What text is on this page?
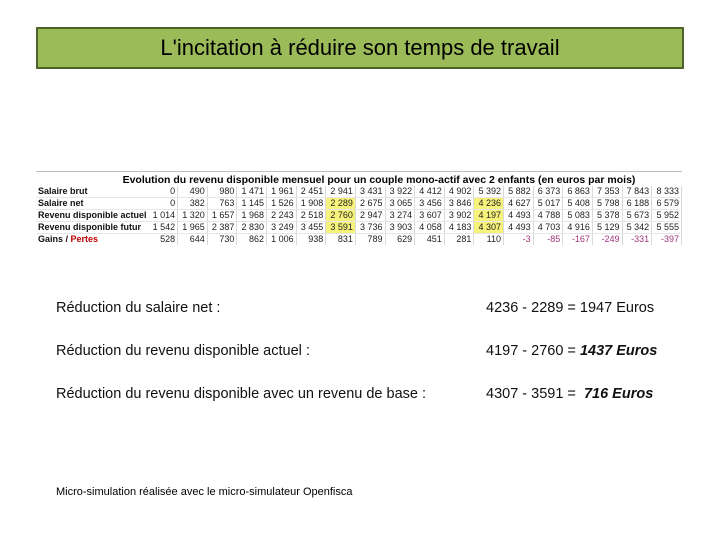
L'incitation à réduire son temps de travail
Evolution du revenu disponible mensuel pour un couple mono-actif avec 2 enfants (en euros par mois)
Salaire brut	0	490	980	1 471	1 961	2 451	2 941	3 431	3 922	4 412	4 902	5 392	5 882	6 373	6 863	7 353	7 843	8 333
Salaire net	0	382	763	1 145	1 526	1 908	2 289	2 675	3 065	3 456	3 846	4 236	4 627	5 017	5 408	5 798	6 188	6 579
Revenu disponible actuel	1 014	1 320	1 657	1 968	2 243	2 518	2 760	2 947	3 274	3 607	3 902	4 197	4 493	4 788	5 083	5 378	5 673	5 952
Revenu disponible futur	1 542	1 965	2 387	2 830	3 249	3 455	3 591	3 736	3 903	4 058	4 183	4 307	4 493	4 703	4 916	5 129	5 342	5 555
Gains / Pertes	528	644	730	862	1 006	938	831	789	629	451	281	110	-3	-85	-167	-249	-331	-397
Réduction du salaire net :	4236 - 2289 = 1947 Euros
Réduction du revenu disponible actuel :	4197 - 2760 = 1437 Euros
Réduction du revenu disponible avec un revenu de base :	4307 - 3591 =  716 Euros
Micro-simulation réalisée avec le micro-simulateur Openfisca
